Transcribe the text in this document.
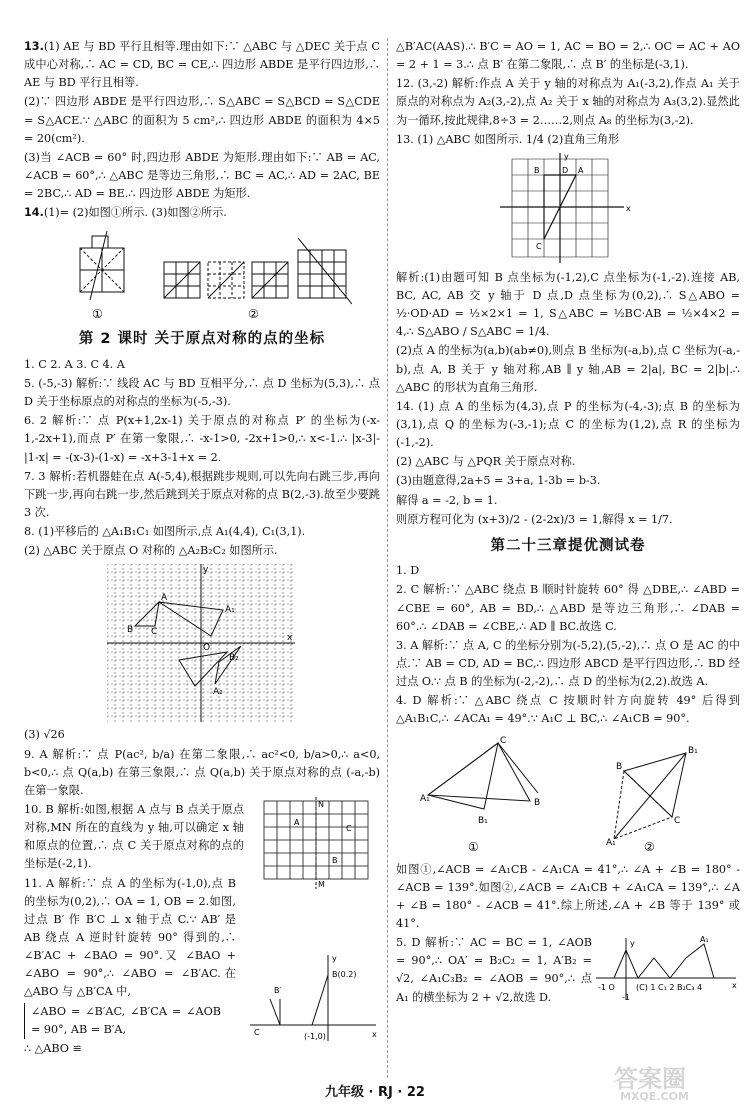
13.(1) AE 与 BD 平行且相等.理由如下:∵ △ABC 与 △DEC 关于点 C 成中心对称,∴ AC = CD, BC = CE,∴ 四边形 ABDE 是平行四边形,∴ AE 与 BD 平行且相等.
(2)∵ 四边形 ABDE 是平行四边形,∴ S△ABC = S△BCD = S△CDE = S△ACE.∵ △ABC 的面积为 5 cm²,∴ 四边形 ABDE 的面积为 4×5 = 20(cm²).
(3)当 ∠ACB = 60° 时,四边形 ABDE 为矩形.理由如下:∵ AB = AC, ∠ACB = 60°,∴ △ABC 是等边三角形,∴ BC = AC,∴ AD = 2AC, BE = 2BC,∴ AD = BE.∴ 四边形 ABDE 为矩形.
14.(1)= (2)如图①所示. (3)如图②所示.
①	②
第 2 课时 关于原点对称的点的坐标
1. C 2. A 3. C 4. A
5. (-5,-3) 解析:∵ 线段 AC 与 BD 互相平分,∴ 点 D 坐标为(5,3),∴ 点 D 关于坐标原点的对称点的坐标为(-5,-3).
6. 2 解析:∵ 点 P(x+1,2x-1) 关于原点的对称点 P′ 的坐标为(-x-1,-2x+1),而点 P′ 在第一象限,∴ -x-1>0, -2x+1>0,∴ x<-1.∴ |x-3|-|1-x| = -(x-3)-(1-x) = -x+3-1+x = 2.
7. 3 解析:若机器蛙在点 A(-5,4),根据跳步规则,可以先向右跳三步,再向下跳一步,再向右跳一步,然后跳到关于原点对称的点 B(2,-3).故至少要跳 3 次.
8. (1)平移后的 △A₁B₁C₁ 如图所示,点 A₁(4,4), C₁(3,1).
(2) △ABC 关于原点 O 对称的 △A₂B₂C₂ 如图所示.
A
B C
A₁
O
y
x
B₂
A₂
(3) √26
9. A 解析:∵ 点 P(ac², b/a) 在第二象限,∴ ac²<0, b/a>0,∴ a<0, b<0,∴ 点 Q(a,b) 在第三象限,∴ 点 Q(a,b) 关于原点对称的点 (-a,-b) 在第一象限.
10. B 解析:如图,根据 A 点与 B 点关于原点对称,MN 所在的直线为 y 轴,可以确定 x 轴和原点的位置,∴ 点 C 关于原点对称的点的坐标是(-2,1).
N
M
A
B
C
11. A 解析:∵ 点 A 的坐标为(-1,0),点 B 的坐标为(0,2),∴ OA = 1, OB = 2.如图,过点 B′ 作 B′C ⊥ x 轴于点 C.∵ AB′ 是 AB 绕点 A 逆时针旋转 90° 得到的,∴ ∠B′AC + ∠BAO = 90°.又 ∠BAO + ∠ABO = 90°,∴ ∠ABO = ∠B′AC.在 △ABO 与 △B′CA 中,
∠ABO = ∠B′AC, ∠B′CA = ∠AOB = 90°, AB = B′A,
∴ △ABO ≌
x
y
B(0.2)
B′
C	(-1,0)
△B′AC(AAS).∴ B′C = AO = 1, AC = BO = 2,∴ OC = AC + AO = 2 + 1 = 3.∴ 点 B′ 在第二象限,∴ 点 B′ 的坐标是(-3,1).
12. (3,-2) 解析:作点 A 关于 y 轴的对称点为 A₁(-3,2),作点 A₁ 关于原点的对称点为 A₂(3,-2),点 A₂ 关于 x 轴的对称点为 A₃(3,2).显然此为一循环,按此规律,8÷3 = 2……2,则点 A₈ 的坐标为(3,-2).
13. (1) △ABC 如图所示. 1/4 (2)直角三角形
B	A
D
C
x
y
解析:(1)由题可知 B 点坐标为(-1,2),C 点坐标为(-1,-2).连接 AB, BC, AC, AB 交 y 轴于 D 点,D 点坐标为(0,2),∴ S△ABO = ½·OD·AD = ½×2×1 = 1, S△ABC = ½BC·AB = ½×4×2 = 4,∴ S△ABO / S△ABC = 1/4.
(2)点 A 的坐标为(a,b)(ab≠0),则点 B 坐标为(-a,b),点 C 坐标为(-a,-b),点 A, B 关于 y 轴对称,AB ∥ y 轴,AB = 2|a|, BC = 2|b|.∴ △ABC 的形状为直角三角形.
14. (1) 点 A 的坐标为(4,3),点 P 的坐标为(-4,-3);点 B 的坐标为(3,1),点 Q 的坐标为(-3,-1);点 C 的坐标为(1,2),点 R 的坐标为(-1,-2).
(2) △ABC 与 △PQR 关于原点对称.
(3)由题意得,2a+5 = 3+a, 1-3b = b-3.
解得 a = -2, b = 1.
则原方程可化为 (x+3)/2 - (2-2x)/3 = 1,解得 x = 1/7.
第二十三章提优测试卷
1. D
2. C 解析:∵ △ABC 绕点 B 顺时针旋转 60° 得 △DBE,∴ ∠ABD = ∠CBE = 60°, AB = BD,∴ △ABD 是等边三角形,∴ ∠DAB = 60°.∴ ∠DAB = ∠CBE,∴ AD ∥ BC.故选 C.
3. A 解析:∵ 点 A, C 的坐标分别为(-5,2),(5,-2),∴ 点 O 是 AC 的中点.∵ AB = CD, AD = BC,∴ 四边形 ABCD 是平行四边形,∴ BD 经过点 O.∵ 点 B 的坐标为(-2,-2),∴ 点 D 的坐标为(2,2).故选 A.
4. D 解析:∵ △ABC 绕点 C 按顺时针方向旋转 49° 后得到 △A₁B₁C,∴ ∠ACA₁ = 49°.∵ A₁C ⊥ BC,∴ ∠A₁CB = 90°.
C
A₁	B
B₁
①
B
B₁
A₁
C
②
如图①,∠ACB = ∠A₁CB - ∠A₁CA = 41°,∴ ∠A + ∠B = 180° - ∠ACB = 139°.如图②,∠ACB = ∠A₁CB + ∠A₁CA = 139°,∴ ∠A + ∠B = 180° - ∠ACB = 41°.综上所述,∠A + ∠B 等于 139° 或 41°.
5. D 解析:∵ AC = BC = 1, ∠AOB = 90°,∴ OA′ = B₂C₂ = 1, A′B₂ = √2, ∠A₁C₃B₂ = ∠AOB = 90°,∴ 点 A₁ 的横坐标为 2 + √2,故选 D.
y
x
-1 O	(C) 1 C₁ 2 B₂C₃ 4
A₁
-1
九年级 · RJ · 22	答案圈
MXQE.COM
